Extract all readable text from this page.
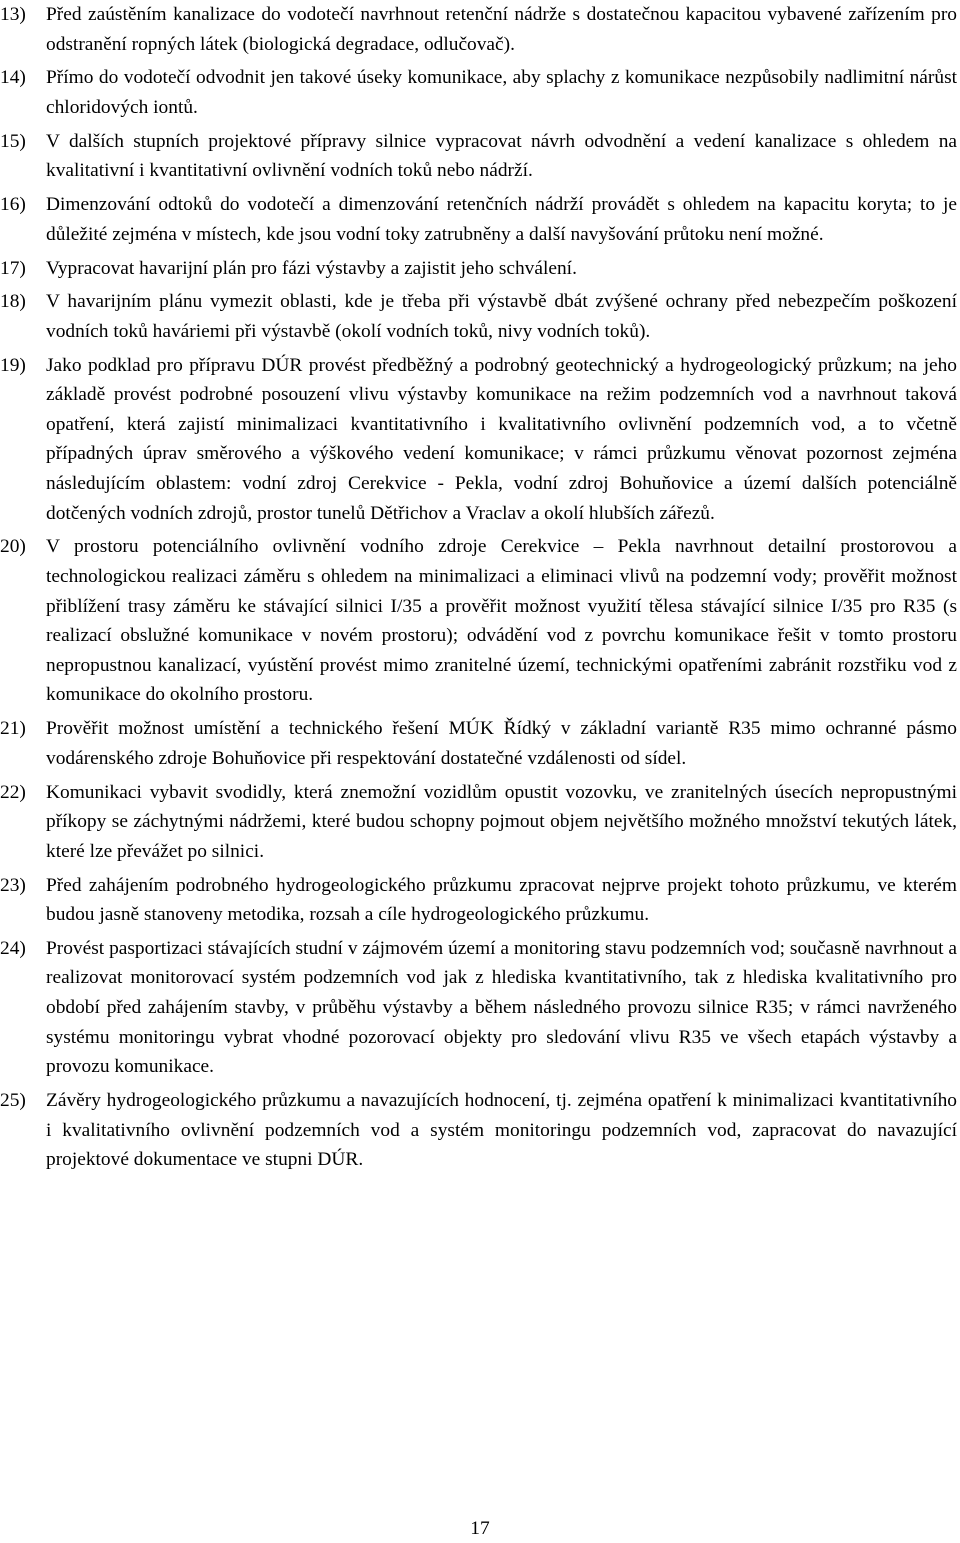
13)	Před zaústěním kanalizace do vodotečí navrhnout retenční nádrže s dostatečnou kapacitou vybavené zařízením pro odstranění ropných látek (biologická degradace, odlučovač).
14)	Přímo do vodotečí odvodnit jen takové úseky komunikace, aby splachy z komunikace nezpůsobily nadlimitní nárůst chloridových iontů.
15)	V dalších stupních projektové přípravy silnice vypracovat návrh odvodnění a vedení kanalizace s ohledem na kvalitativní i kvantitativní ovlivnění vodních toků nebo nádrží.
16)	Dimenzování odtoků do vodotečí a dimenzování retenčních nádrží provádět s ohledem na kapacitu koryta; to je důležité zejména v místech, kde jsou vodní toky zatrubněny a další navyšování průtoku není možné.
17)	Vypracovat havarijní plán pro fázi výstavby a zajistit jeho schválení.
18)	V havarijním plánu vymezit oblasti, kde je třeba při výstavbě dbát zvýšené ochrany před nebezpečím poškození vodních toků haváriemi při výstavbě (okolí vodních toků, nivy vodních toků).
19)	Jako podklad pro přípravu DÚR provést předběžný a podrobný geotechnický a hydrogeologický průzkum; na jeho základě provést podrobné posouzení vlivu výstavby komunikace na režim podzemních vod a navrhnout taková opatření, která zajistí minimalizaci kvantitativního i kvalitativního ovlivnění podzemních vod, a to včetně případných úprav směrového a výškového vedení komunikace; v rámci průzkumu věnovat pozornost zejména následujícím oblastem: vodní zdroj Cerekvice - Pekla, vodní zdroj Bohuňovice a území dalších potenciálně dotčených vodních zdrojů, prostor tunelů Dětřichov a Vraclav a okolí hlubších zářezů.
20)	V prostoru potenciálního ovlivnění vodního zdroje Cerekvice – Pekla navrhnout detailní prostorovou a technologickou realizaci záměru s ohledem na minimalizaci a eliminaci vlivů na podzemní vody; prověřit možnost přiblížení trasy záměru ke stávající silnici I/35 a prověřit možnost využití tělesa stávající silnice I/35 pro R35 (s realizací obslužné komunikace v novém prostoru); odvádění vod z povrchu komunikace řešit v tomto prostoru nepropustnou kanalizací, vyústění provést mimo zranitelné území, technickými opatřeními zabránit rozstřiku vod z komunikace do okolního prostoru.
21)	Prověřit možnost umístění a technického řešení MÚK Řídký v základní variantě R35 mimo ochranné pásmo vodárenského zdroje Bohuňovice při respektování dostatečné vzdálenosti od sídel.
22)	Komunikaci vybavit svodidly, která znemožní vozidlům opustit vozovku, ve zranitelných úsecích nepropustnými příkopy se záchytnými nádržemi, které budou schopny pojmout objem největšího možného množství tekutých látek, které lze převážet po silnici.
23)	Před zahájením podrobného hydrogeologického průzkumu zpracovat nejprve projekt tohoto průzkumu, ve kterém budou jasně stanoveny metodika, rozsah a cíle hydrogeologického průzkumu.
24)	Provést pasportizaci stávajících studní v zájmovém území a monitoring stavu podzemních vod; současně navrhnout a realizovat monitorovací systém podzemních vod jak z hlediska kvantitativního, tak z hlediska kvalitativního pro období před zahájením stavby, v průběhu výstavby a během následného provozu silnice R35; v rámci navrženého systému monitoringu vybrat vhodné pozorovací objekty pro sledování vlivu R35 ve všech etapách výstavby a provozu komunikace.
25)	Závěry hydrogeologického průzkumu a navazujících hodnocení, tj. zejména opatření k minimalizaci kvantitativního i kvalitativního ovlivnění podzemních vod a systém monitoringu podzemních vod, zapracovat do navazující projektové dokumentace ve stupni DÚR.
17
